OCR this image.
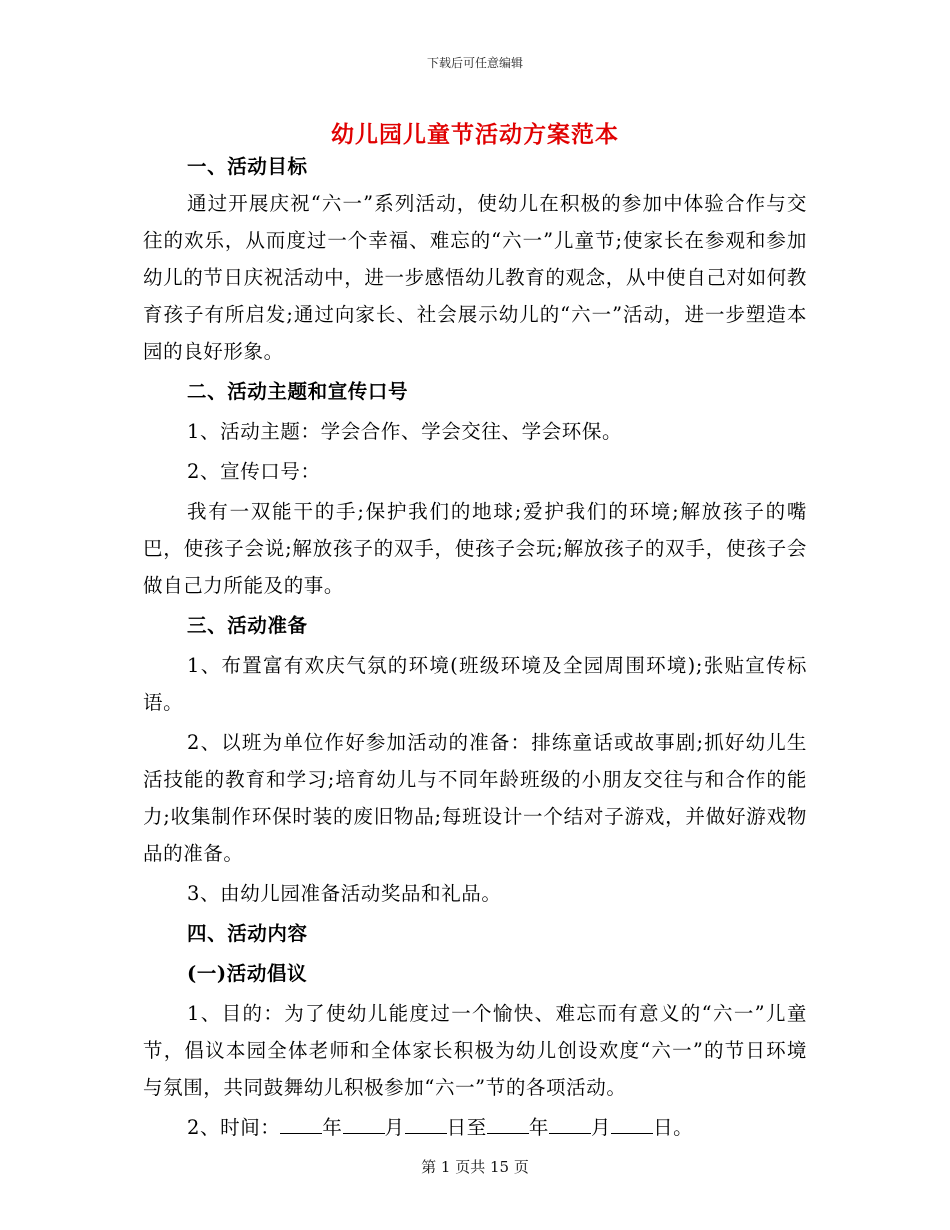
下载后可任意编辑
幼儿园儿童节活动方案范本

一、活动目标

通过开展庆祝“六一”系列活动，使幼儿在积极的参加中体验合作与交往的欢乐，从而度过一个幸福、难忘的“六一”儿童节;使家长在参观和参加幼儿的节日庆祝活动中，进一步感悟幼儿教育的观念，从中使自己对如何教育孩子有所启发;通过向家长、社会展示幼儿的“六一”活动，进一步塑造本园的良好形象。

二、活动主题和宣传口号

1、活动主题：学会合作、学会交往、学会环保。

2、宣传口号：

我有一双能干的手;保护我们的地球;爱护我们的环境;解放孩子的嘴巴，使孩子会说;解放孩子的双手，使孩子会玩;解放孩子的双手，使孩子会做自己力所能及的事。

三、活动准备

1、布置富有欢庆气氛的环境(班级环境及全园周围环境);张贴宣传标语。

2、以班为单位作好参加活动的准备：排练童话或故事剧;抓好幼儿生活技能的教育和学习;培育幼儿与不同年龄班级的小朋友交往与和合作的能力;收集制作环保时装的废旧物品;每班设计一个结对子游戏，并做好游戏物品的准备。

3、由幼儿园准备活动奖品和礼品。

四、活动内容

(一)活动倡议

1、目的：为了使幼儿能度过一个愉快、难忘而有意义的“六一”儿童节，倡议本园全体老师和全体家长积极为幼儿创设欢度“六一”的节日环境与氛围，共同鼓舞幼儿积极参加“六一”节的各项活动。

2、时间： 年 月 日至 年 月 日。

第 1 页共 15 页
